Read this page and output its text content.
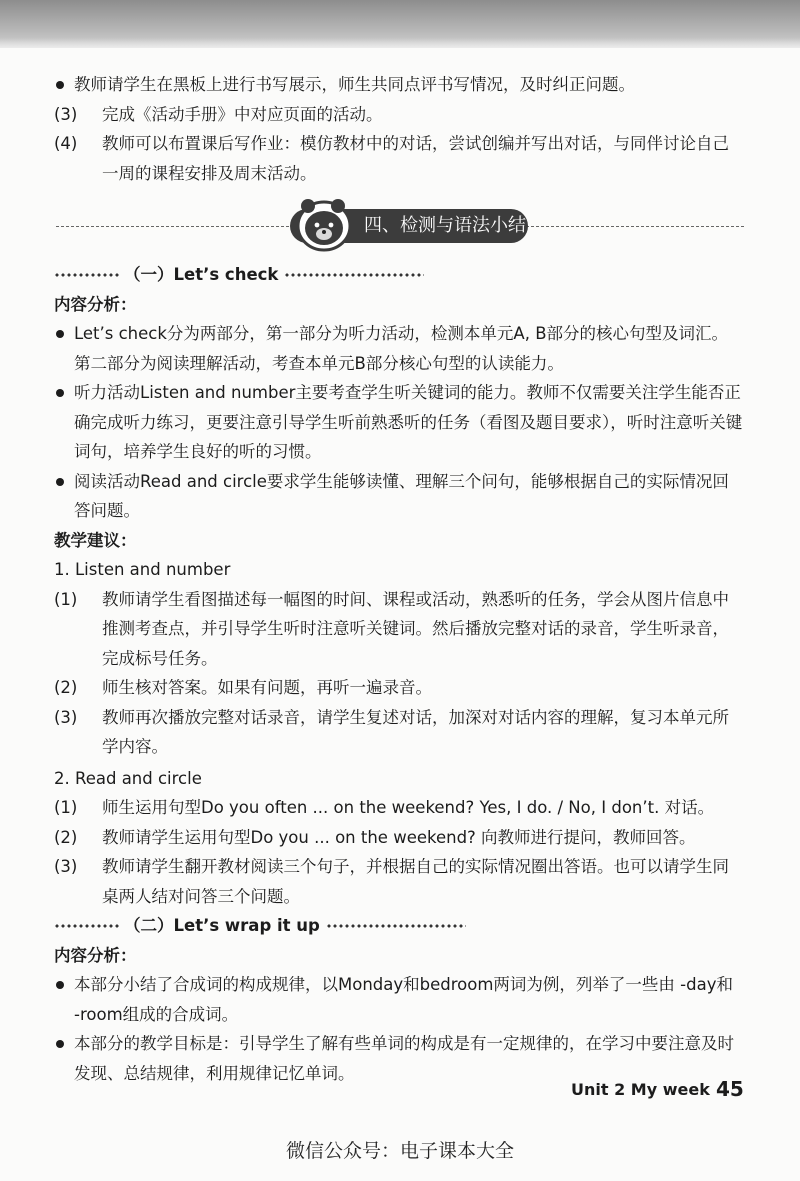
教师请学生在黑板上进行书写展示，师生共同点评书写情况，及时纠正问题。

(3)	完成《活动手册》中对应页面的活动。
(4)	教师可以布置课后写作业：模仿教材中的对话，尝试创编并写出对话，与同伴讨论自己一周的课程安排及周末活动。
四、检测与语法小结
（一）Let’s check

内容分析：

Let’s check分为两部分，第一部分为听力活动，检测本单元A, B部分的核心句型及词汇。第二部分为阅读理解活动，考查本单元B部分核心句型的认读能力。

听力活动Listen and number主要考查学生听关键词的能力。教师不仅需要关注学生能否正确完成听力练习，更要注意引导学生听前熟悉听的任务（看图及题目要求），听时注意听关键词句，培养学生良好的听的习惯。

阅读活动Read and circle要求学生能够读懂、理解三个问句，能够根据自己的实际情况回答问题。

教学建议：

1. Listen and number

(1)	教师请学生看图描述每一幅图的时间、课程或活动，熟悉听的任务，学会从图片信息中推测考查点，并引导学生听时注意听关键词。然后播放完整对话的录音，学生听录音，完成标号任务。
(2)	师生核对答案。如果有问题，再听一遍录音。
(3)	教师再次播放完整对话录音，请学生复述对话，加深对对话内容的理解，复习本单元所学内容。

2. Read and circle

(1)	师生运用句型Do you often ... on the weekend? Yes, I do. / No, I don’t. 对话。
(2)	教师请学生运用句型Do you ... on the weekend? 向教师进行提问，教师回答。
(3)	教师请学生翻开教材阅读三个句子，并根据自己的实际情况圈出答语。也可以请学生同桌两人结对问答三个问题。
（二）Let’s wrap it up

内容分析：

本部分小结了合成词的构成规律，以Monday和bedroom两词为例，列举了一些由 -day和 -room组成的合成词。

本部分的教学目标是：引导学生了解有些单词的构成是有一定规律的，在学习中要注意及时发现、总结规律，利用规律记忆单词。

Unit 2 My week 45
微信公众号：电子课本大全
